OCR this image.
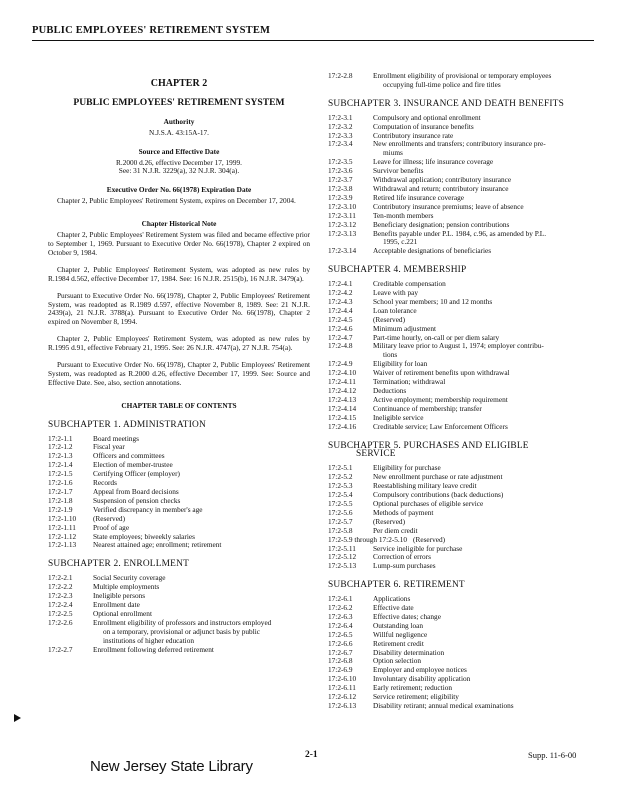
PUBLIC EMPLOYEES' RETIREMENT SYSTEM
CHAPTER 2
PUBLIC EMPLOYEES' RETIREMENT SYSTEM
Authority
N.J.S.A. 43:15A-17.
Source and Effective Date
R.2000 d.26, effective December 17, 1999.
See: 31 N.J.R. 3229(a), 32 N.J.R. 304(a).
Executive Order No. 66(1978) Expiration Date
Chapter 2, Public Employees' Retirement System, expires on December 17, 2004.
Chapter Historical Note
Chapter 2, Public Employees' Retirement System was filed and became effective prior to September 1, 1969. Pursuant to Executive Order No. 66(1978), Chapter 2 expired on October 9, 1984.
Chapter 2, Public Employees' Retirement System, was adopted as new rules by R.1984 d.562, effective December 17, 1984. See: 16 N.J.R. 2515(b), 16 N.J.R. 3479(a).
Pursuant to Executive Order No. 66(1978), Chapter 2, Public Employees' Retirement System, was readopted as R.1989 d.597, effective November 8, 1989. See: 21 N.J.R. 2439(a), 21 N.J.R. 3788(a). Pursuant to Executive Order No. 66(1978), Chapter 2 expired on November 8, 1994.
Chapter 2, Public Employees' Retirement System, was adopted as new rules by R.1995 d.91, effective February 21, 1995. See: 26 N.J.R. 4747(a), 27 N.J.R. 754(a).
Pursuant to Executive Order No. 66(1978), Chapter 2, Public Employees' Retirement System, was readopted as R.2000 d.26, effective December 17, 1999. See: Source and Effective Date. See, also, section annotations.
CHAPTER TABLE OF CONTENTS
SUBCHAPTER 1. ADMINISTRATION
17:2-1.1	Board meetings
17:2-1.2	Fiscal year
17:2-1.3	Officers and committees
17:2-1.4	Election of member-trustee
17:2-1.5	Certifying Officer (employer)
17:2-1.6	Records
17:2-1.7	Appeal from Board decisions
17:2-1.8	Suspension of pension checks
17:2-1.9	Verified discrepancy in member's age
17:2-1.10	(Reserved)
17:2-1.11	Proof of age
17:2-1.12	State employees; biweekly salaries
17:2-1.13	Nearest attained age; enrollment; retirement
SUBCHAPTER 2. ENROLLMENT
17:2-2.1	Social Security coverage
17:2-2.2	Multiple employments
17:2-2.3	Ineligible persons
17:2-2.4	Enrollment date
17:2-2.5	Optional enrollment
17:2-2.6	Enrollment eligibility of professors and instructors employed
on a temporary, provisional or adjunct basis by public
institutions of higher education
17:2-2.7	Enrollment following deferred retirement
17:2-2.8	Enrollment eligibility of provisional or temporary employees
occupying full-time police and fire titles
SUBCHAPTER 3. INSURANCE AND DEATH BENEFITS
17:2-3.1	Compulsory and optional enrollment
17:2-3.2	Computation of insurance benefits
17:2-3.3	Contributory insurance rate
17:2-3.4	New enrollments and transfers; contributory insurance pre-
miums
17:2-3.5	Leave for illness; life insurance coverage
17:2-3.6	Survivor benefits
17:2-3.7	Withdrawal application; contributory insurance
17:2-3.8	Withdrawal and return; contributory insurance
17:2-3.9	Retired life insurance coverage
17:2-3.10	Contributory insurance premiums; leave of absence
17:2-3.11	Ten-month members
17:2-3.12	Beneficiary designation; pension contributions
17:2-3.13	Benefits payable under P.L. 1984, c.96, as amended by P.L.
1995, c.221
17:2-3.14	Acceptable designations of beneficiaries
SUBCHAPTER 4. MEMBERSHIP
17:2-4.1	Creditable compensation
17:2-4.2	Leave with pay
17:2-4.3	School year members; 10 and 12 months
17:2-4.4	Loan tolerance
17:2-4.5	(Reserved)
17:2-4.6	Minimum adjustment
17:2-4.7	Part-time hourly, on-call or per diem salary
17:2-4.8	Military leave prior to August 1, 1974; employer contribu-
tions
17:2-4.9	Eligibility for loan
17:2-4.10	Waiver of retirement benefits upon withdrawal
17:2-4.11	Termination; withdrawal
17:2-4.12	Deductions
17:2-4.13	Active employment; membership requirement
17:2-4.14	Continuance of membership; transfer
17:2-4.15	Ineligible service
17:2-4.16	Creditable service; Law Enforcement Officers
SUBCHAPTER 5. PURCHASES AND ELIGIBLE
SERVICE
17:2-5.1	Eligibility for purchase
17:2-5.2	New enrollment purchase or rate adjustment
17:2-5.3	Reestablishing military leave credit
17:2-5.4	Compulsory contributions (back deductions)
17:2-5.5	Optional purchases of eligible service
17:2-5.6	Methods of payment
17:2-5.7	(Reserved)
17:2-5.8	Per diem credit
17:2-5.9 through 17:2-5.10 (Reserved)
17:2-5.11	Service ineligible for purchase
17:2-5.12	Correction of errors
17:2-5.13	Lump-sum purchases
SUBCHAPTER 6. RETIREMENT
17:2-6.1	Applications
17:2-6.2	Effective date
17:2-6.3	Effective dates; change
17:2-6.4	Outstanding loan
17:2-6.5	Willful negligence
17:2-6.6	Retirement credit
17:2-6.7	Disability determination
17:2-6.8	Option selection
17:2-6.9	Employer and employee notices
17:2-6.10	Involuntary disability application
17:2-6.11	Early retirement; reduction
17:2-6.12	Service retirement; eligibility
17:2-6.13	Disability retirant; annual medical examinations
New Jersey State Library
2-1	Supp. 11-6-00
